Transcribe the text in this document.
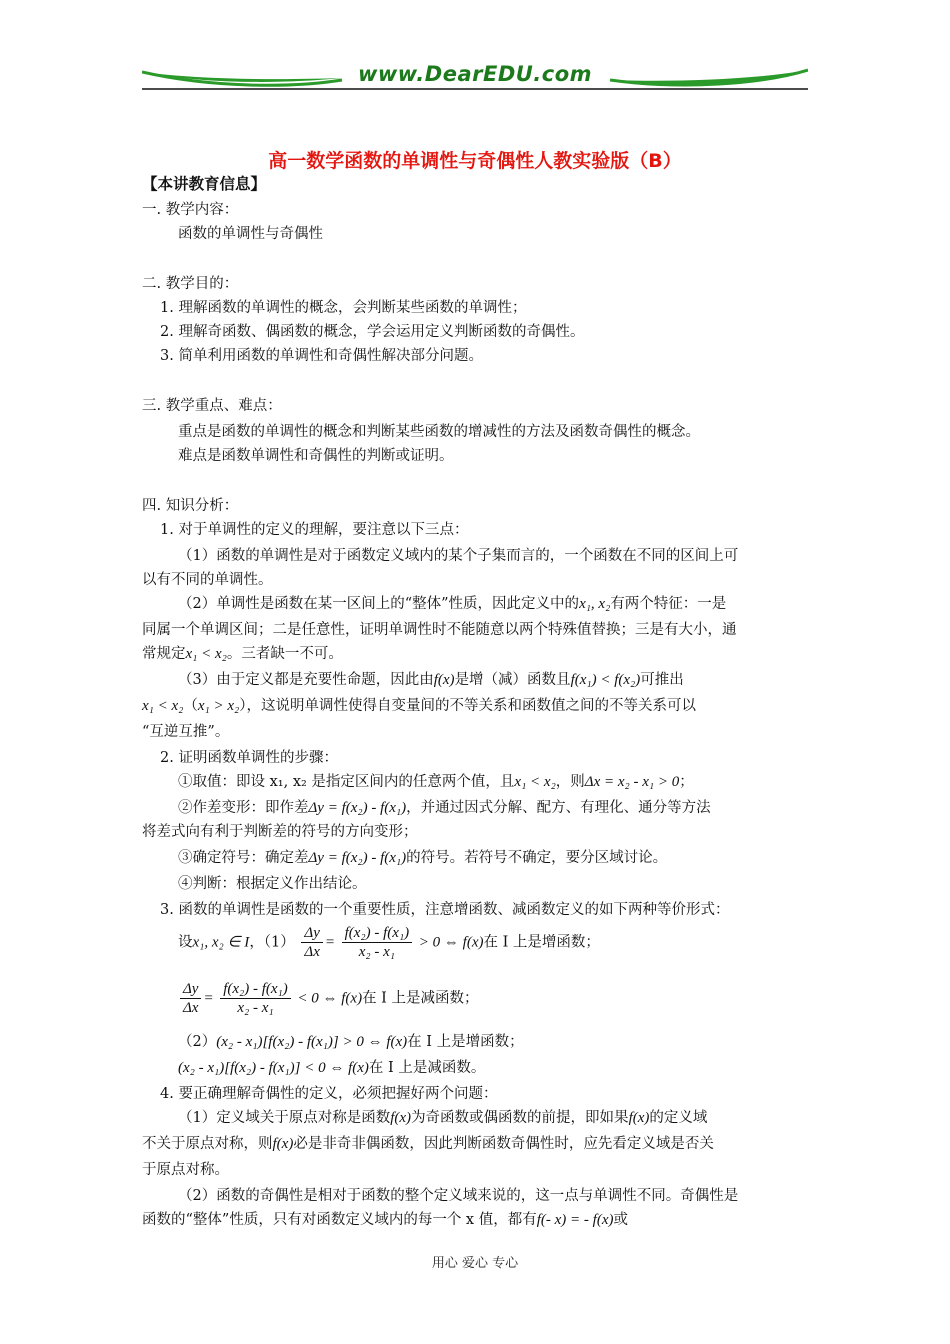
www.DearEDU.com
高一数学函数的单调性与奇偶性人教实验版（B）
【本讲教育信息】
一. 教学内容：
函数的单调性与奇偶性
二. 教学目的：
1. 理解函数的单调性的概念，会判断某些函数的单调性；
2. 理解奇函数、偶函数的概念，学会运用定义判断函数的奇偶性。
3. 简单利用函数的单调性和奇偶性解决部分问题。
三. 教学重点、难点：
重点是函数的单调性的概念和判断某些函数的增减性的方法及函数奇偶性的概念。
难点是函数单调性和奇偶性的判断或证明。
四. 知识分析：
1. 对于单调性的定义的理解，要注意以下三点：
（1）函数的单调性是对于函数定义域内的某个子集而言的，一个函数在不同的区间上可
以有不同的单调性。
（2）单调性是函数在某一区间上的“整体”性质，因此定义中的x₁, x₂有两个特征：一是
同属一个单调区间；二是任意性，证明单调性时不能随意以两个特殊值替换；三是有大小，通
常规定x₁ < x₂。三者缺一不可。
（3）由于定义都是充要性命题，因此由f(x)是增（减）函数且f(x₁) < f(x₂)可推出
x₁ < x₂（x₁ > x₂），这说明单调性使得自变量间的不等关系和函数值之间的不等关系可以
“互逆互推”。
2. 证明函数单调性的步骤：
①取值：即设 x₁, x₂ 是指定区间内的任意两个值，且x₁ < x₂，则Δx = x₂ - x₁ > 0；
②作差变形：即作差Δy = f(x₂) - f(x₁)，并通过因式分解、配方、有理化、通分等方法
将差式向有利于判断差的符号的方向变形；
③确定符号：确定差Δy = f(x₂) - f(x₁)的符号。若符号不确定，要分区域讨论。
④判断：根据定义作出结论。
3. 函数的单调性是函数的一个重要性质，注意增函数、减函数定义的如下两种等价形式：
设x₁, x₂ ∈ I，$(1) \frac{\Delta y}{\Delta x} = \frac{\text{f(x₂) - f(x₁)}}{\text{x₂ - x₁}} > 0$ ⇔ f(x)在 I 上是增函数；
$\frac{\Delta y}{\Delta x} = \frac{\text{f(x₂) - f(x₁)}}{\text{x₂ - x₁}} < 0$ ⇔ f(x)在 I 上是减函数；
（2）(x₂ - x₁)[f(x₂) - f(x₁)] > 0 ⇔ f(x)在 I 上是增函数；
(x₂ - x₁)[f(x₂) - f(x₁)] < 0 ⇔ f(x)在 I 上是减函数。
4. 要正确理解奇偶性的定义，必须把握好两个问题：
（1）定义域关于原点对称是函数f(x)为奇函数或偶函数的前提，即如果f(x)的定义域
不关于原点对称，则f(x)必是非奇非偶函数，因此判断函数奇偶性时，应先看定义域是否关
于原点对称。
（2）函数的奇偶性是相对于函数的整个定义域来说的，这一点与单调性不同。奇偶性是
函数的“整体”性质，只有对函数定义域内的每一个 x 值，都有f(- x) = - f(x)或
用心 爱心 专心
